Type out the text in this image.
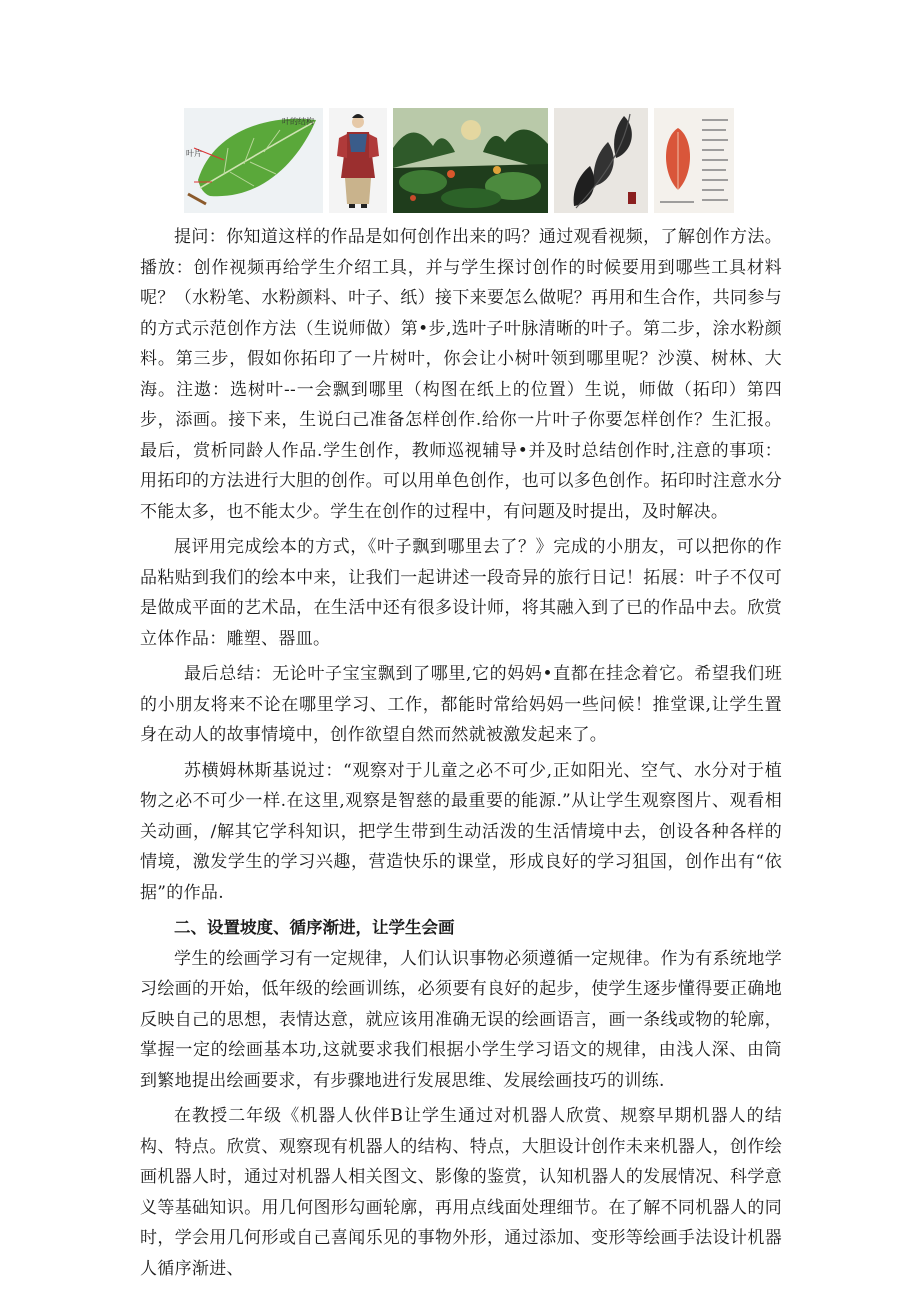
叶的结构
叶片

提问：你知道这样的作品是如何创作出来的吗？通过观看视频，了解创作方法。播放：创作视频再给学生介绍工具，并与学生探讨创作的时候要用到哪些工具材料呢？（水粉笔、水粉颜料、叶子、纸）接下来要怎么做呢？再用和生合作，共同参与的方式示范创作方法（生说师做）第•步,选叶子叶脉清晰的叶子。第二步，涂水粉颜料。第三步，假如你拓印了一片树叶，你会让小树叶领到哪里呢？沙漠、树林、大海。注遨：选树叶--一会飘到哪里（构图在纸上的位置）生说，师做（拓印）第四步，添画。接下来，生说臼己准备怎样创作.给你一片叶子你要怎样创作？生汇报。最后，赏析同龄人作品.学生创作，教师巡视辅导•并及时总结创作时,注意的事项：用拓印的方法进行大胆的创作。可以用单色创作，也可以多色创作。拓印时注意水分不能太多，也不能太少。学生在创作的过程中，有问题及时提出，及时解决。

展评用完成绘本的方式，《叶子飘到哪里去了？》完成的小朋友，可以把你的作品粘贴到我们的绘本中来，让我们一起讲述一段奇异的旅行日记！拓展：叶子不仅可是做成平面的艺术品，在生活中还有很多设计师，将其融入到了已的作品中去。欣赏立体作品：雕塑、器皿。

最后总结：无论叶子宝宝飘到了哪里,它的妈妈•直都在挂念着它。希望我们班的小朋友将来不论在哪里学习、工作，都能时常给妈妈一些问候！推堂课,让学生置身在动人的故事情境中，创作欲望自然而然就被激发起来了。

苏横姆林斯基说过：“观察对于儿童之必不可少,正如阳光、空气、水分对于植物之必不可少一样.在这里,观察是智慈的最重要的能源.”从让学生观察图片、观看相关动画，/解其它学科知识，把学生带到生动活泼的生活情境中去，创设各种各样的情境，激发学生的学习兴趣，营造快乐的课堂，形成良好的学习狙国，创作出有“依据”的作品.

二、设置坡度、循序渐进，让学生会画

学生的绘画学习有一定规律，人们认识事物必须遵循一定规律。作为有系统地学习绘画的开始，低年级的绘画训练，必须要有良好的起步，使学生逐步懂得要正确地反映自己的思想，表情达意，就应该用准确无误的绘画语言，画一条线或物的轮廓，掌握一定的绘画基本功,这就要求我们根据小学生学习语文的规律，由浅人深、由筒到繁地提出绘画要求，有步骤地进行发展思维、发展绘画技巧的训练.

在教授二年级《机器人伙伴B让学生通过对机器人欣赏、规察早期机器人的结构、特点。欣赏、观察现有机器人的结构、特点，大胆设计创作未来机器人，创作绘画机器人时，通过对机器人相关图文、影像的鉴赏，认知机器人的发展情况、科学意义等基础知识。用几何图形勾画轮廓，再用点线面处理细节。在了解不同机器人的同时，学会用几何形或自己喜闻乐见的事物外形，通过添加、变形等绘画手法设计机器人循序渐进、
